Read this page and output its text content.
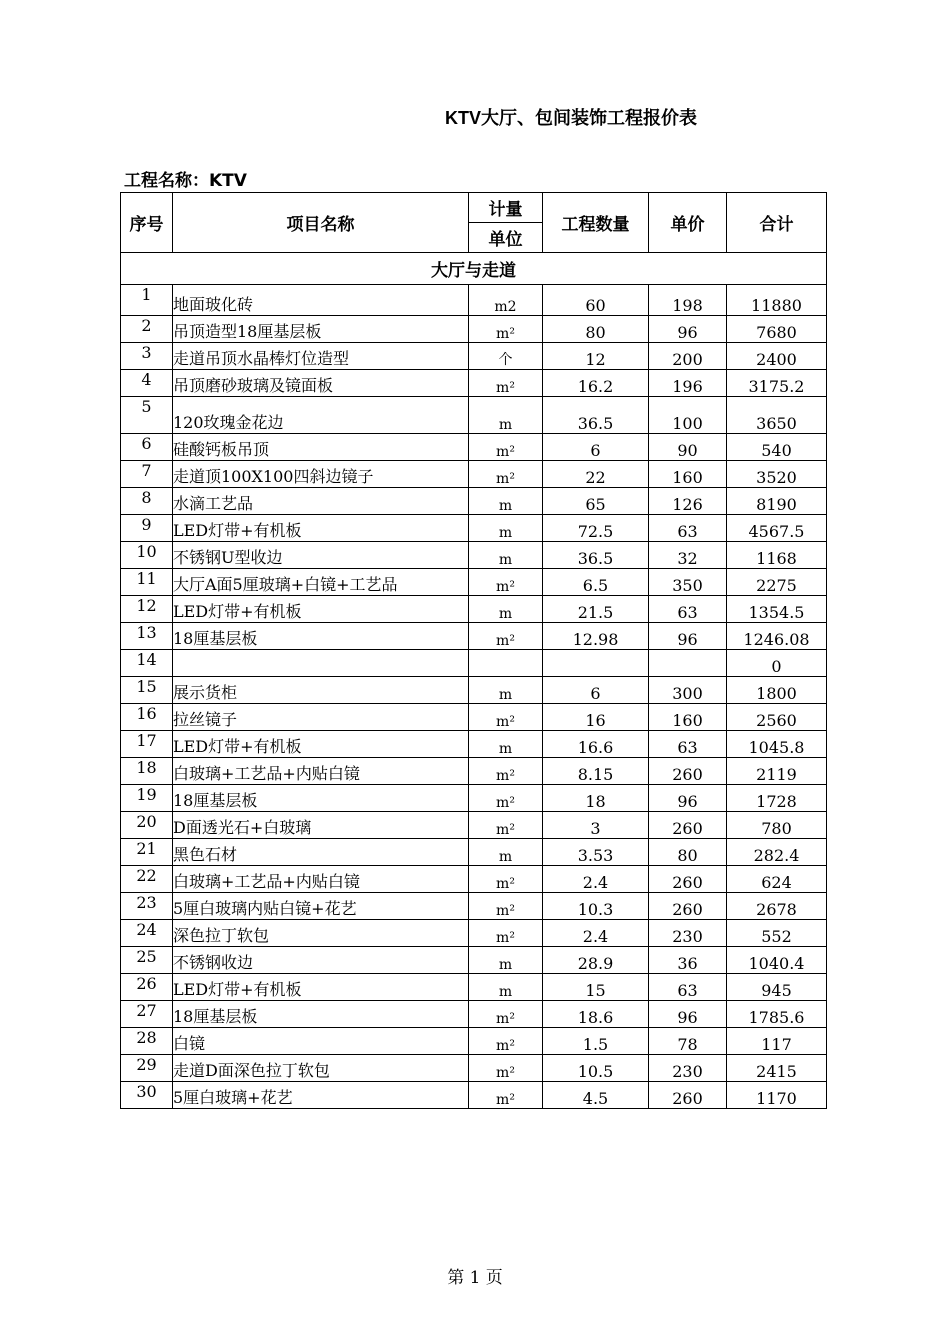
KTV大厅、包间装饰工程报价表
工程名称：KTV
序号	项目名称	计量	工程数量	单价	合计
		单位			
大厅与走道					
1	地面玻化砖	m2	60	198	11880
2	吊顶造型18厘基层板	m²	80	96	7680
3	走道吊顶水晶棒灯位造型	个	12	200	2400
4	吊顶磨砂玻璃及镜面板	m²	16.2	196	3175.2
5	120玫瑰金花边	m	36.5	100	3650
6	硅酸钙板吊顶	m²	6	90	540
7	走道顶100X100四斜边镜子	m²	22	160	3520
8	水滴工艺品	m	65	126	8190
9	LED灯带+有机板	m	72.5	63	4567.5
10	不锈钢U型收边	m	36.5	32	1168
11	大厅A面5厘玻璃+白镜+工艺品	m²	6.5	350	2275
12	LED灯带+有机板	m	21.5	63	1354.5
13	18厘基层板	m²	12.98	96	1246.08
14					0
15	展示货柜	m	6	300	1800
16	拉丝镜子	m²	16	160	2560
17	LED灯带+有机板	m	16.6	63	1045.8
18	白玻璃+工艺品+内贴白镜	m²	8.15	260	2119
19	18厘基层板	m²	18	96	1728
20	D面透光石+白玻璃	m²	3	260	780
21	黑色石材	m	3.53	80	282.4
22	白玻璃+工艺品+内贴白镜	m²	2.4	260	624
23	5厘白玻璃内贴白镜+花艺	m²	10.3	260	2678
24	深色拉丁软包	m²	2.4	230	552
25	不锈钢收边	m	28.9	36	1040.4
26	LED灯带+有机板	m	15	63	945
27	18厘基层板	m²	18.6	96	1785.6
28	白镜	m²	1.5	78	117
29	走道D面深色拉丁软包	m²	10.5	230	2415
30	5厘白玻璃+花艺	m²	4.5	260	1170
第 1 页
